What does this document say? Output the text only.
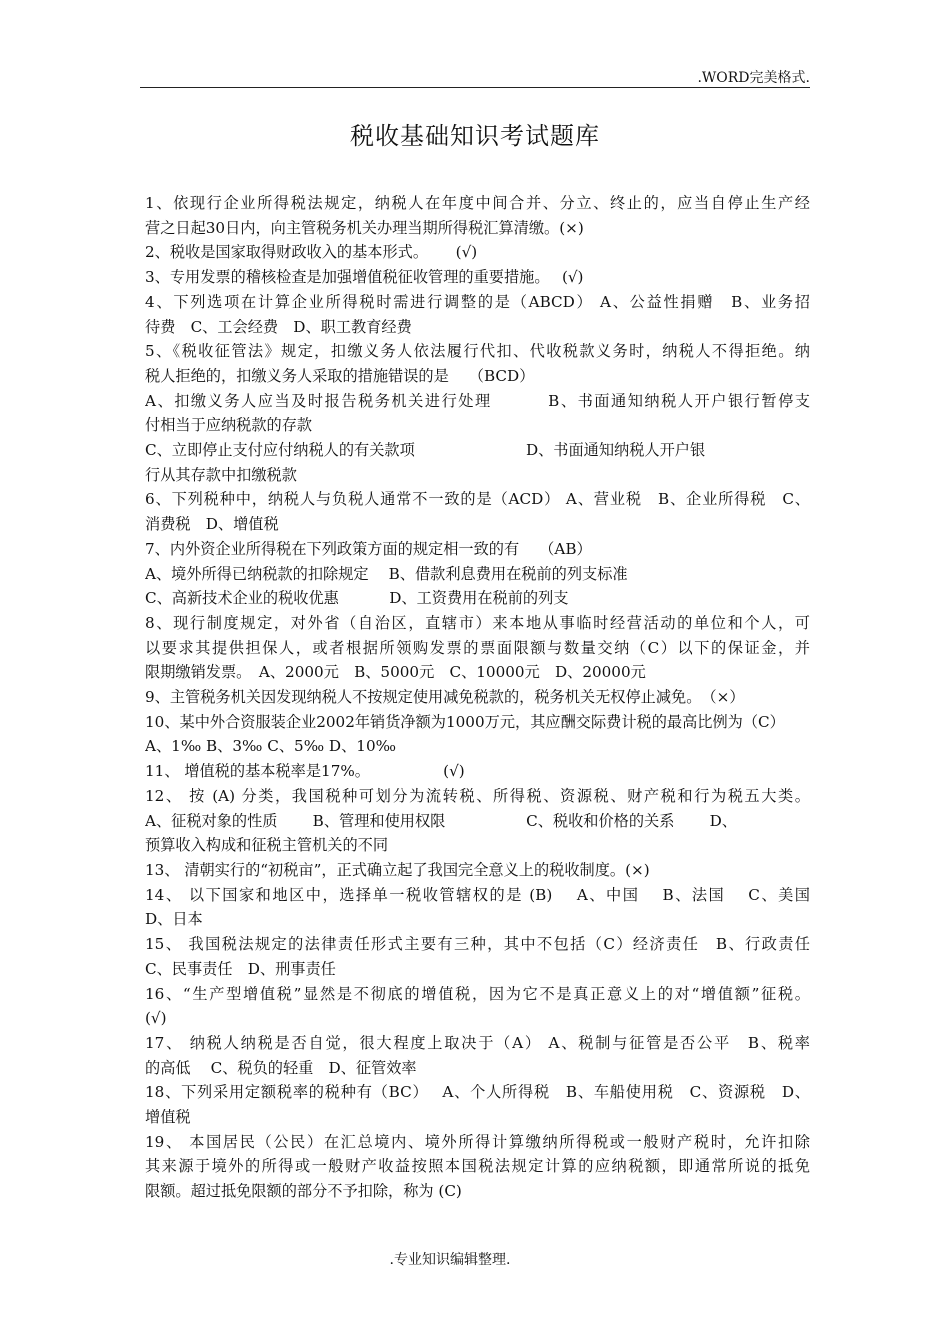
.WORD完美格式.
税收基础知识考试题库
1、依现行企业所得税法规定，纳税人在年度中间合并、分立、终止的，应当自停止生产经
营之日起30日内，向主管税务机关办理当期所得税汇算清缴。(×)
2、税收是国家取得财政收入的基本形式。　　 (√)
3、专用发票的稽核检查是加强增值税征收管理的重要措施。　 (√)
4、下列选项在计算企业所得税时需进行调整的是（ABCD） A、公益性捐赠　B、业务招
待费　C、工会经费　D、职工教育经费
5、《税收征管法》规定，扣缴义务人依法履行代扣、代收税款义务时，纳税人不得拒绝。纳
税人拒绝的，扣缴义务人采取的措施错误的是　 （BCD）
A、扣缴义务人应当及时报告税务机关进行处理　　　 B、书面通知纳税人开户银行暂停支
付相当于应纳税款的存款
C、立即停止支付应付纳税人的有关款项　　　　　　　 D、书面通知纳税人开户银
行从其存款中扣缴税款
6、下列税种中，纳税人与负税人通常不一致的是（ACD） A、营业税　B、企业所得税　C、
消费税　D、增值税
7、内外资企业所得税在下列政策方面的规定相一致的有　 （AB）
A、境外所得已纳税款的扣除规定　 B、借款利息费用在税前的列支标准
C、高新技术企业的税收优惠　　　 D、工资费用在税前的列支
8、现行制度规定，对外省（自治区，直辖市）来本地从事临时经营活动的单位和个人，可
以要求其提供担保人，或者根据所领购发票的票面限额与数量交纳（C）以下的保证金，并
限期缴销发票。　A、2000元　B、5000元　C、10000元　D、20000元
9、主管税务机关因发现纳税人不按规定使用减免税款的，税务机关无权停止减免。　（×）
10、某中外合资服装企业2002年销货净额为1000万元，其应酬交际费计税的最高比例为（C）
A、1‰ B、3‰ C、5‰ D、10‰
11、 增值税的基本税率是17%。　　　　　 (√)
12、 按 (A) 分类，我国税种可划分为流转税、所得税、资源税、财产税和行为税五大类。
A、征税对象的性质　　 B、管理和使用权限　　　　　 C、税收和价格的关系　　 D、
预算收入构成和征税主管机关的不同
13、 清朝实行的“初税亩”，正式确立起了我国完全意义上的税收制度。(×)
14、 以下国家和地区中，选择单一税收管辖权的是 (B)　 A、中国　 B、法国　 C、美国
D、日本
15、 我国税法规定的法律责任形式主要有三种，其中不包括（C）经济责任　B、行政责任
C、民事责任　D、刑事责任
16、“生产型增值税”显然是不彻底的增值税，因为它不是真正意义上的对“增值额”征税。
(√)
17、 纳税人纳税是否自觉，很大程度上取决于（A） A、税制与征管是否公平　B、税率
的高低　 C、税负的轻重　D、征管效率
18、下列采用定额税率的税种有（BC）　 A、个人所得税　B、车船使用税　C、资源税　D、
增值税
19、 本国居民（公民）在汇总境内、境外所得计算缴纳所得税或一般财产税时，允许扣除
其来源于境外的所得或一般财产收益按照本国税法规定计算的应纳税额，即通常所说的抵免
限额。超过抵免限额的部分不予扣除，称为 (C)
.专业知识编辑整理.
